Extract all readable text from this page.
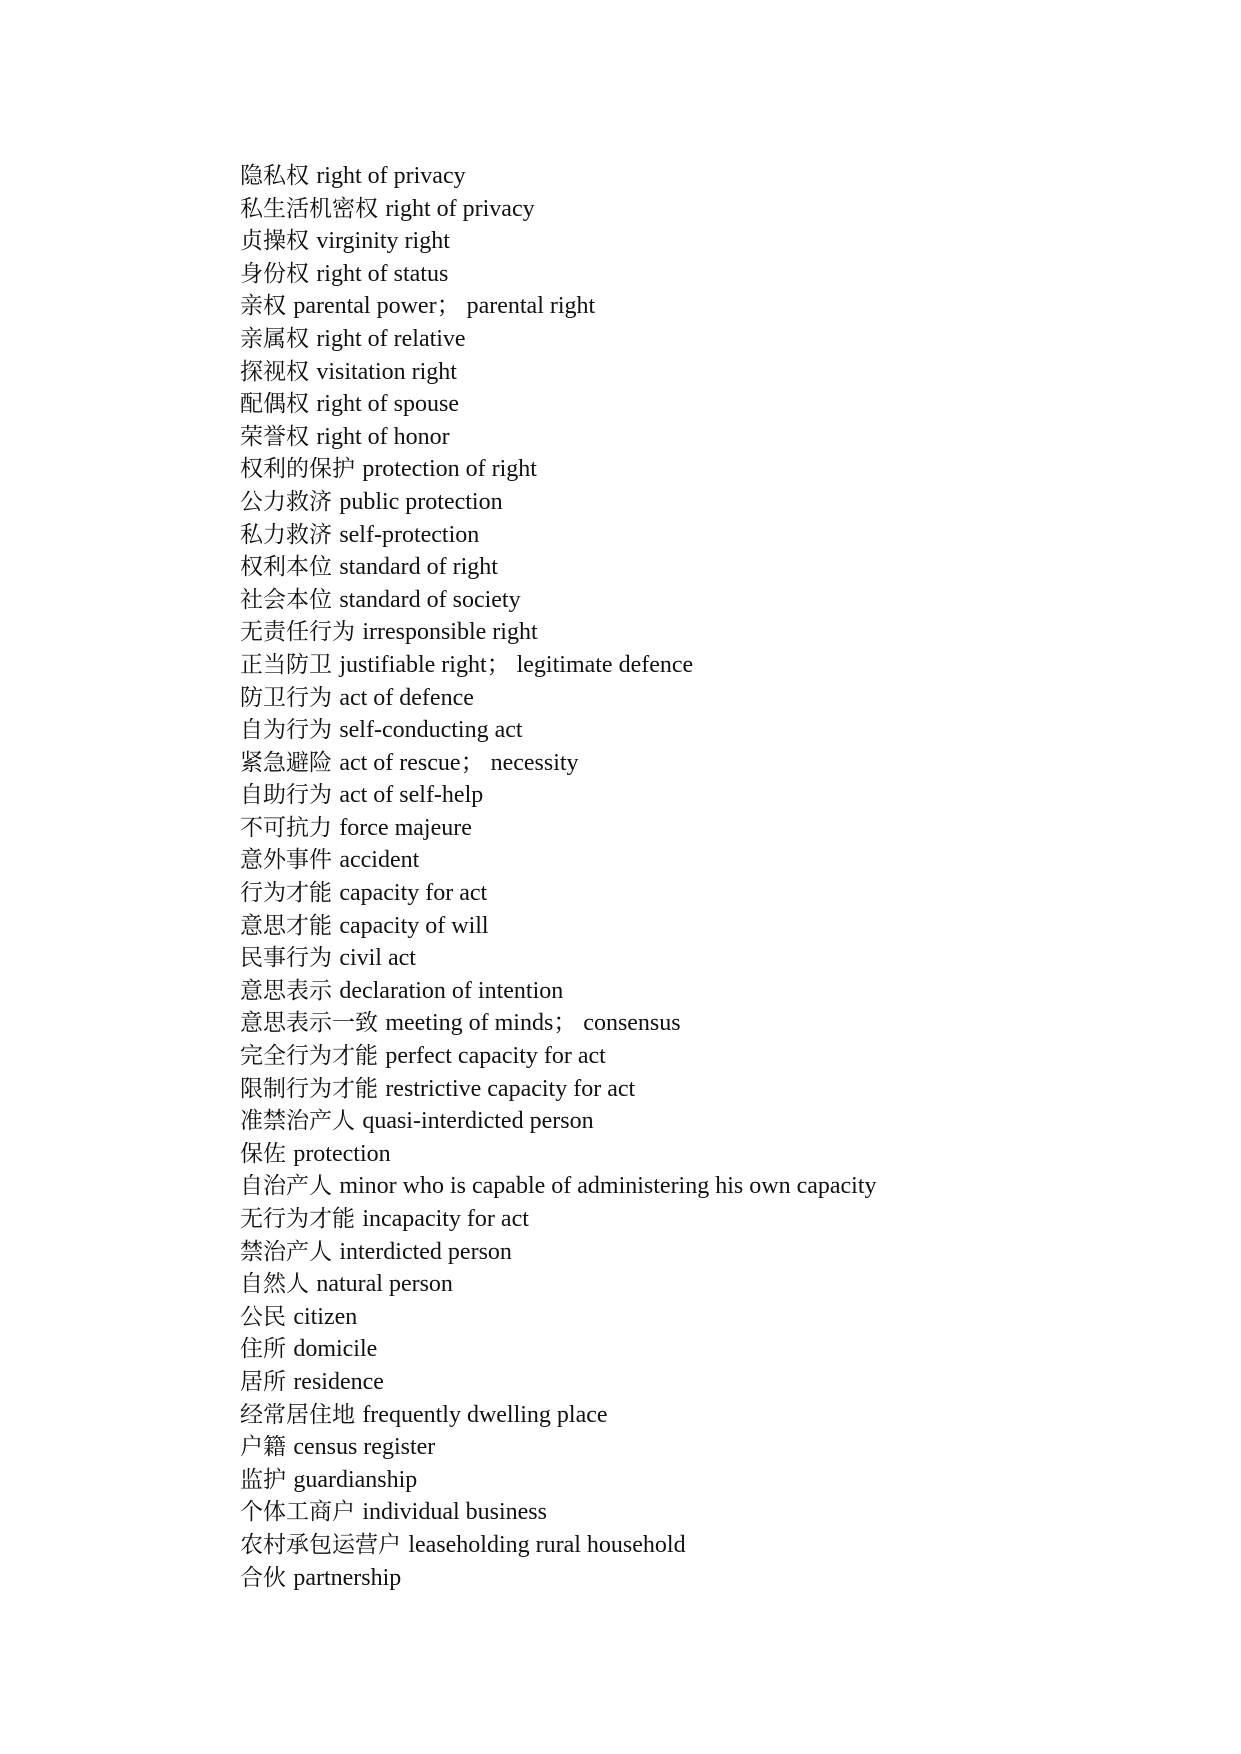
隐私权 right of privacy
私生活机密权 right of privacy
贞操权 virginity right
身份权 right of status
亲权 parental power； parental right
亲属权 right of relative
探视权 visitation right
配偶权 right of spouse
荣誉权 right of honor
权利的保护 protection of right
公力救济 public protection
私力救济 self-protection
权利本位 standard of right
社会本位 standard of society
无责任行为 irresponsible right
正当防卫 justifiable right； legitimate defence
防卫行为 act of defence
自为行为 self-conducting act
紧急避险 act of rescue； necessity
自助行为 act of self-help
不可抗力 force majeure
意外事件 accident
行为才能 capacity for act
意思才能 capacity of will
民事行为 civil act
意思表示 declaration of intention
意思表示一致 meeting of minds； consensus
完全行为才能 perfect capacity for act
限制行为才能 restrictive capacity for act
准禁治产人 quasi-interdicted person
保佐 protection
自治产人 minor who is capable of administering his own capacity
无行为才能 incapacity for act
禁治产人 interdicted person
自然人 natural person
公民 citizen
住所 domicile
居所 residence
经常居住地 frequently dwelling place
户籍 census register
监护 guardianship
个体工商户 individual business
农村承包运营户 leaseholding rural household
合伙 partnership
